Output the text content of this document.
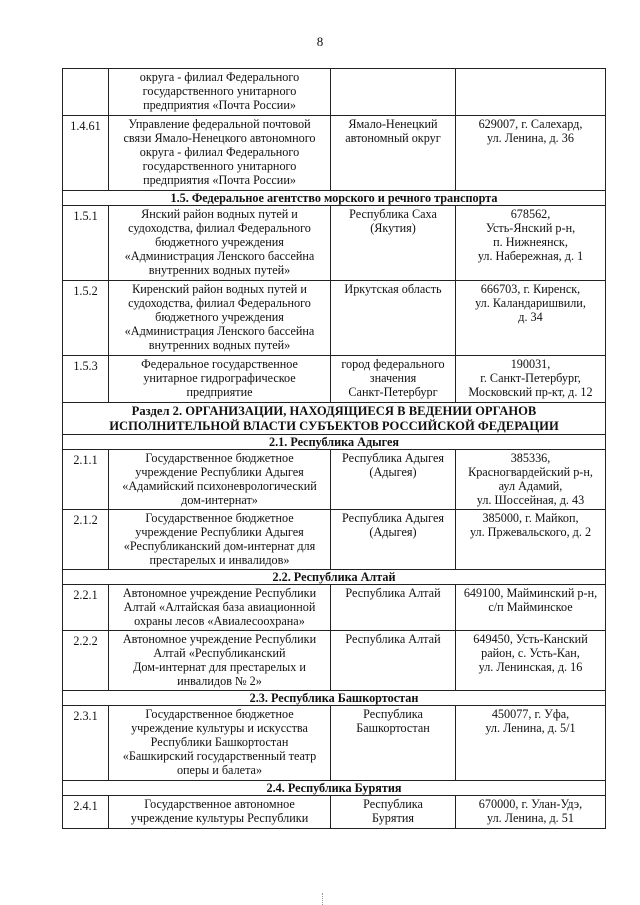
8
	округа - филиал Федерального
государственного унитарного
предприятия «Почта России»		
1.4.61	Управление федеральной почтовой
связи Ямало-Ненецкого автономного
округа - филиал Федерального
государственного унитарного
предприятия «Почта России»	Ямало-Ненецкий
автономный округ	629007, г. Салехард,
ул. Ленина, д. 36
1.5. Федеральное агентство морского и речного транспорта			
1.5.1	Янский район водных путей и
судоходства, филиал Федерального
бюджетного учреждения
«Администрация Ленского бассейна
внутренних водных путей»	Республика Саха
(Якутия)	678562,
Усть-Янский р-н,
п. Нижнеянск,
ул. Набережная, д. 1
1.5.2	Киренский район водных путей и
судоходства, филиал Федерального
бюджетного учреждения
«Администрация Ленского бассейна
внутренних водных путей»	Иркутская область	666703, г. Киренск,
ул. Каландаришвили,
д. 34
1.5.3	Федеральное государственное
унитарное гидрографическое
предприятие	город федерального
значения
Санкт-Петербург	190031,
г. Санкт-Петербург,
Московский пр-кт, д. 12
Раздел 2. ОРГАНИЗАЦИИ, НАХОДЯЩИЕСЯ В ВЕДЕНИИ ОРГАНОВ
ИСПОЛНИТЕЛЬНОЙ ВЛАСТИ СУБЪЕКТОВ РОССИЙСКОЙ ФЕДЕРАЦИИ			
2.1. Республика Адыгея			
2.1.1	Государственное бюджетное
учреждение Республики Адыгея
«Адамийский психоневрологический
дом-интернат»	Республика Адыгея
(Адыгея)	385336,
Красногвардейский р-н,
аул Адамий,
ул. Шоссейная, д. 43
2.1.2	Государственное бюджетное
учреждение Республики Адыгея
«Республиканский дом-интернат для
престарелых и инвалидов»	Республика Адыгея
(Адыгея)	385000, г. Майкоп,
ул. Пржевальского, д. 2
2.2. Республика Алтай			
2.2.1	Автономное учреждение Республики
Алтай «Алтайская база авиационной
охраны лесов «Авиалесоохрана»	Республика Алтай	649100, Майминский р-н,
с/п Майминское
2.2.2	Автономное учреждение Республики
Алтай «Республиканский
Дом-интернат для престарелых и
инвалидов № 2»	Республика Алтай	649450, Усть-Канский
район, с. Усть-Кан,
ул. Ленинская, д. 16
2.3. Республика Башкортостан			
2.3.1	Государственное бюджетное
учреждение культуры и искусства
Республики Башкортостан
«Башкирский государственный театр
оперы и балета»	Республика
Башкортостан	450077, г. Уфа,
ул. Ленина, д. 5/1
2.4. Республика Бурятия			
2.4.1	Государственное автономное
учреждение культуры Республики	Республика
Бурятия	670000, г. Улан-Удэ,
ул. Ленина, д. 51
